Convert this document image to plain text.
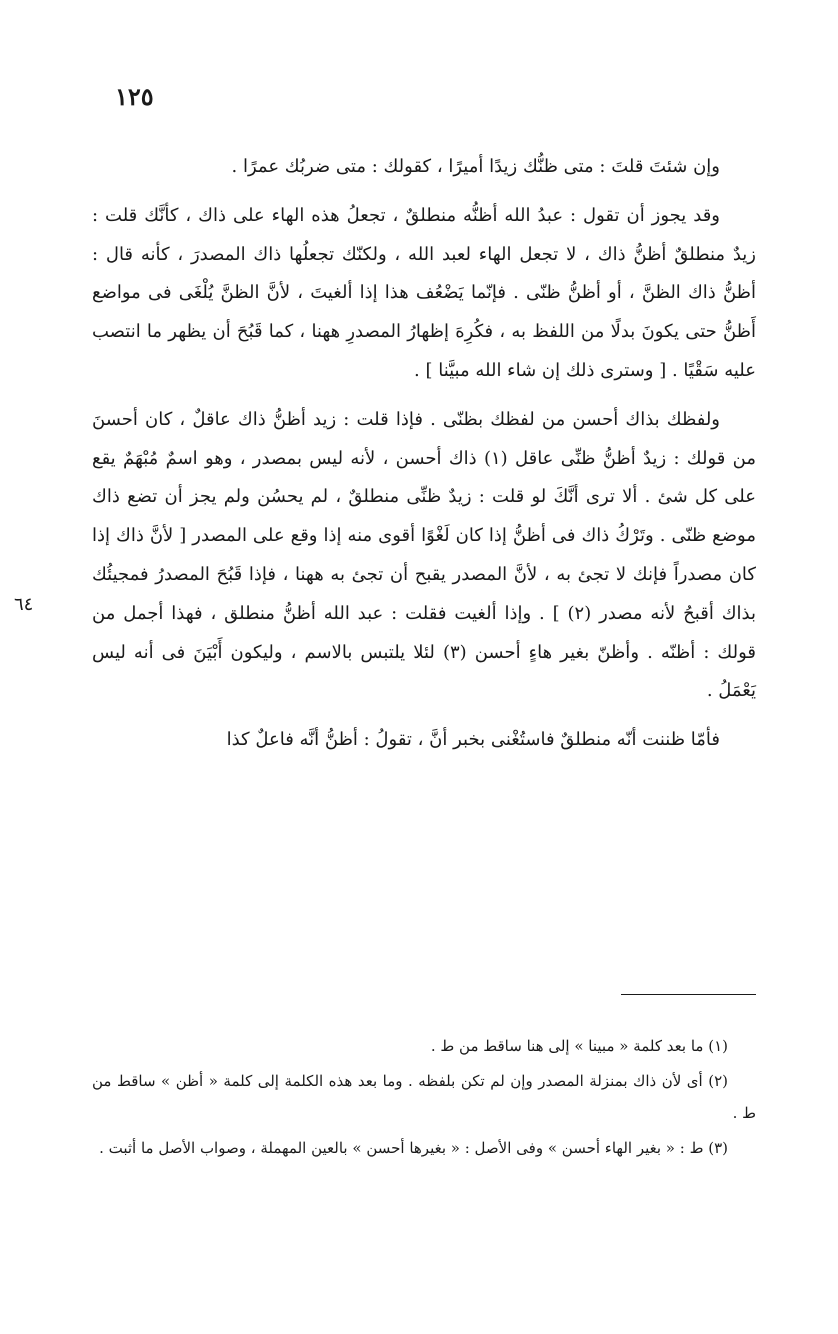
١٢٥
٦٤

وإن شئتَ قلتَ : متى ظنُّك زيدًا أميرًا ، كقولك : متى ضربُك عمرًا .

وقد يجوز أن تقول : عبدُ الله أظنُّه منطلقٌ ، تجعلُ هذه الهاء على ذاك ، كأنَّك قلت : زيدٌ منطلقٌ أظنُّ ذاك ، لا تجعل الهاء لعبد الله ، ولكنّك تجعلُها ذاك المصدرَ ، كأنه قال : أظنُّ ذاك الظنَّ ، أو أظنُّ ظنّى . فإنّما يَضْعُف هذا إذا ألغيتَ ، لأنَّ الظنَّ يُلْغَى فى مواضع أَظنُّ حتى يكونَ بدلًا من اللفظ به ، فكُرِهَ إظهارُ المصدرِ ههنا ، كما قَبُحَ أن يظهر ما انتصب عليه سَقْيًا . [ وسترى ذلك إن شاء الله مبيَّنا ] .

ولفظك بذاك أحسن من لفظك بظنّى . فإذا قلت : زيد أظنُّ ذاك عاقلٌ ، كان أحسنَ من قولك : زيدٌ أظنُّ ظنِّى عاقل (١) ذاك أحسن ، لأنه ليس بمصدر ، وهو اسمٌ مُبْهَمٌ يقع على كل شئ . ألا ترى أنَّكَ لو قلت : زيدٌ ظنِّى منطلقٌ ، لم يحسُن ولم يجز أن تضع ذاك موضع ظنّى . وتَرْكُ ذاك فى أظنُّ إذا كان لَغْوًا أقوى منه إذا وقع على المصدر [ لأنَّ ذاك إذا كان مصدراً فإنك لا تجئ به ، لأنَّ المصدر يقبح أن تجئ به ههنا ، فإذا قَبُحَ المصدرُ فمجيئُك بذاك أقبحُ لأنه مصدر (٢) ] . وإذا ألغيت فقلت : عبد الله أظنُّ منطلق ، فهذا أجمل من قولك : أظنّه . وأظنّ بغير هاءٍ أحسن (٣) لئلا يلتبس بالاسم ، وليكون أَبْيَنَ فى أنه ليس يَعْمَلُ .

فأمّا ظننت أنّه منطلقٌ فاستُغْنى بخبر أنَّ ، تقولُ : أظنُّ أنَّه فاعلٌ كذا

(١) ما بعد كلمة « مبينا » إلى هنا ساقط من ط .

(٢) أى لأن ذاك بمنزلة المصدر وإن لم تكن بلفظه . وما بعد هذه الكلمة إلى كلمة « أظن » ساقط من ط .

(٣) ط : « بغير الهاء أحسن » وفى الأصل : « بغيرها أحسن » بالعين المهملة ، وصواب الأصل ما أثبت .
